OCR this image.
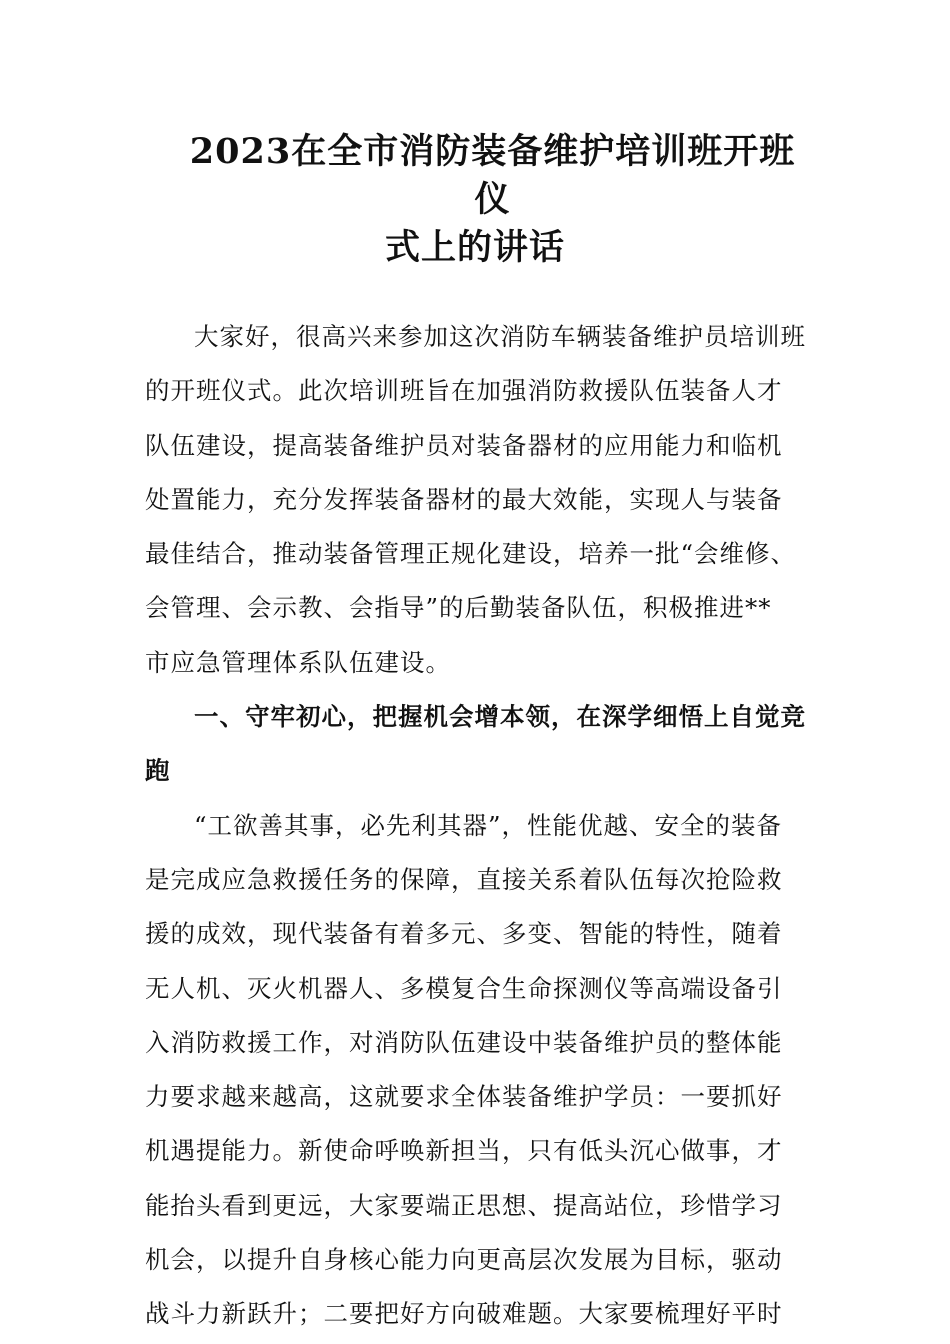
2023在全市消防装备维护培训班开班仪
式上的讲话

大家好，很高兴来参加这次消防车辆装备维护员培训班
的开班仪式。此次培训班旨在加强消防救援队伍装备人才
队伍建设，提高装备维护员对装备器材的应用能力和临机
处置能力，充分发挥装备器材的最大效能，实现人与装备
最佳结合，推动装备管理正规化建设，培养一批“会维修、
会管理、会示教、会指导”的后勤装备队伍，积极推进**
市应急管理体系队伍建设。

一、守牢初心，把握机会增本领，在深学细悟上自觉竞
跑

“工欲善其事，必先利其器”，性能优越、安全的装备
是完成应急救援任务的保障，直接关系着队伍每次抢险救
援的成效，现代装备有着多元、多变、智能的特性，随着
无人机、灭火机器人、多模复合生命探测仪等高端设备引
入消防救援工作，对消防队伍建设中装备维护员的整体能
力要求越来越高，这就要求全体装备维护学员：一要抓好
机遇提能力。新使命呼唤新担当，只有低头沉心做事，才
能抬头看到更远，大家要端正思想、提高站位，珍惜学习
机会，以提升自身核心能力向更高层次发展为目标，驱动
战斗力新跃升；二要把好方向破难题。大家要梳理好平时
